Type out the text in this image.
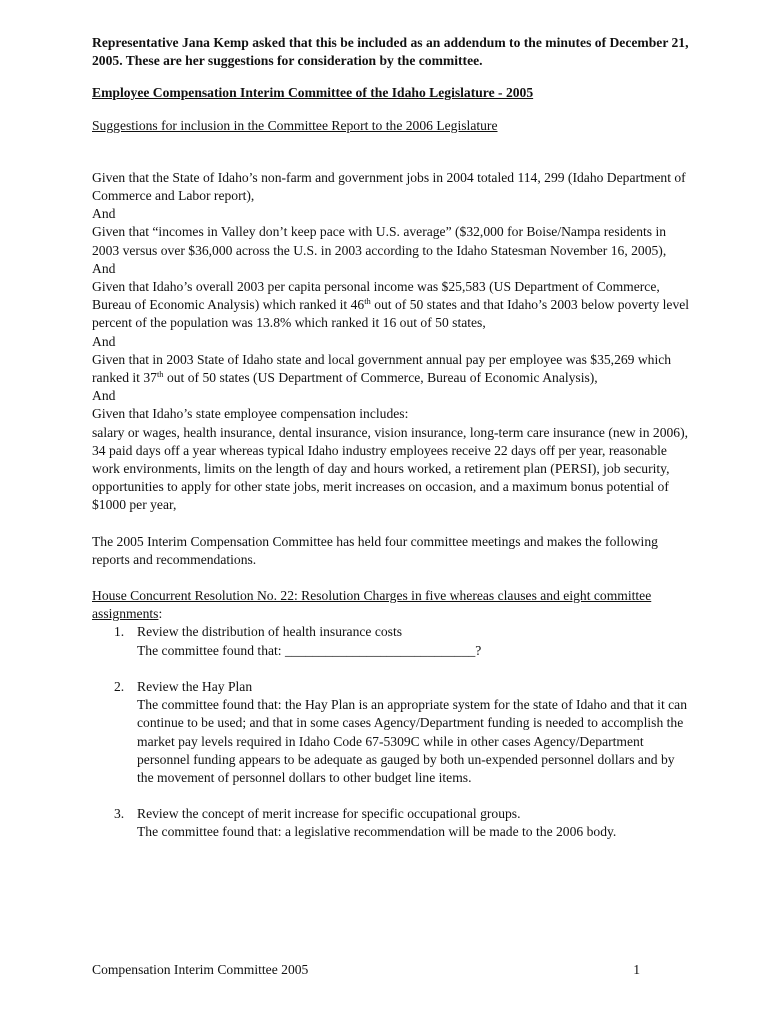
Representative Jana Kemp asked that this be included as an addendum to the minutes of December 21, 2005. These are her suggestions for consideration by the committee.

Employee Compensation Interim Committee of the Idaho Legislature - 2005

Suggestions for inclusion in the Committee Report to the 2006 Legislature

Given that the State of Idaho’s non-farm and government jobs in 2004 totaled 114, 299 (Idaho Department of Commerce and Labor report),

And

Given that “incomes in Valley don’t keep pace with U.S. average” ($32,000 for Boise/Nampa residents in 2003 versus over $36,000 across the U.S. in 2003 according to the Idaho Statesman November 16, 2005),

And

Given that Idaho’s overall 2003 per capita personal income was $25,583 (US Department of Commerce, Bureau of Economic Analysis) which ranked it 46th out of 50 states and that Idaho’s 2003 below poverty level percent of the population was 13.8% which ranked it 16 out of 50 states,

And

Given that in 2003 State of Idaho state and local government annual pay per employee was $35,269 which ranked it 37th out of 50 states (US Department of Commerce, Bureau of Economic Analysis),

And

Given that Idaho’s state employee compensation includes:

salary or wages, health insurance, dental insurance, vision insurance, long-term care insurance (new in 2006), 34 paid days off a year whereas typical Idaho industry employees receive 22 days off per year, reasonable work environments, limits on the length of day and hours worked, a retirement plan (PERSI), job security, opportunities to apply for other state jobs, merit increases on occasion, and a maximum bonus potential of $1000 per year,

The 2005 Interim Compensation Committee has held four committee meetings and makes the following reports and recommendations.

House Concurrent Resolution No. 22: Resolution Charges in five whereas clauses and eight committee assignments:

1. Review the distribution of health insurance costs

The committee found that: ____________________________?

2. Review the Hay Plan

The committee found that: the Hay Plan is an appropriate system for the state of Idaho and that it can continue to be used; and that in some cases Agency/Department funding is needed to accomplish the market pay levels required in Idaho Code 67-5309C while in other cases Agency/Department personnel funding appears to be adequate as gauged by both un-expended personnel dollars and by the movement of personnel dollars to other budget line items.

3. Review the concept of merit increase for specific occupational groups.

The committee found that: a legislative recommendation will be made to the 2006 body.

Compensation Interim Committee 2005	1
